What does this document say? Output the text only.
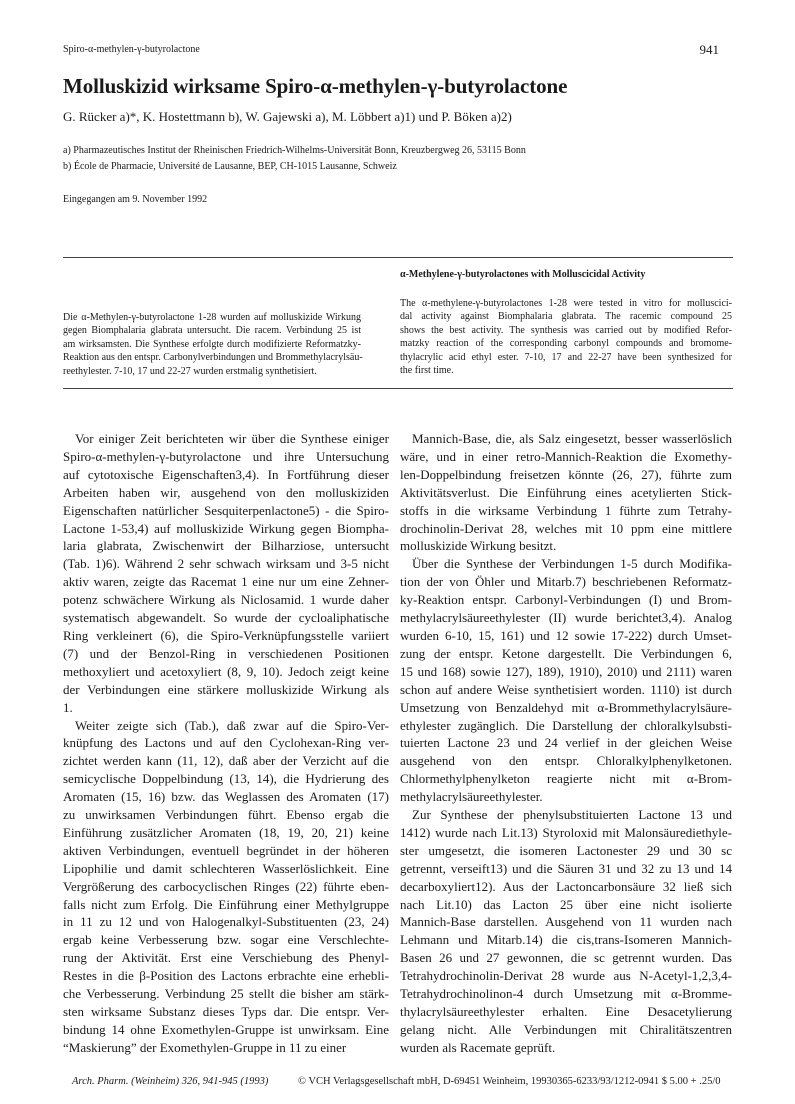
Spiro-α-methylen-γ-butyrolactone	941
Molluskizid wirksame Spiro-α-methylen-γ-butyrolactone
G. Rücker a)*, K. Hostettmann b), W. Gajewski a), M. Löbbert a)1) und P. Böken a)2)
a) Pharmazeutisches Institut der Rheinischen Friedrich-Wilhelms-Universität Bonn, Kreuzbergweg 26, 53115 Bonn
b) École de Pharmacie, Université de Lausanne, BEP, CH-1015 Lausanne, Schweiz
Eingegangen am 9. November 1992
α-Methylene-γ-butyrolactones with Molluscicidal Activity
Die α-Methylen-γ-butyrolactone 1-28 wurden auf molluskizide Wirkung
gegen Biomphalaria glabrata untersucht. Die racem. Verbindung 25 ist
am wirksamsten. Die Synthese erfolgte durch modifizierte Reformatzky-
Reaktion aus den entspr. Carbonylverbindungen und Brommethylacrylsäu-
reethylester. 7-10, 17 und 22-27 wurden erstmalig synthetisiert.
The α-methylene-γ-butyrolactones 1-28 were tested in vitro for molluscici-
dal activity against Biomphalaria glabrata. The racemic compound 25
shows the best activity. The synthesis was carried out by modified Refor-
matzky reaction of the corresponding carbonyl compounds and bromome-
thylacrylic acid ethyl ester. 7-10, 17 and 22-27 have been synthesized for
the first time.
Vor einiger Zeit berichteten wir über die Synthese einiger
Spiro-α-methylen-γ-butyrolactone und ihre Untersuchung
auf cytotoxische Eigenschaften3,4). In Fortführung dieser
Arbeiten haben wir, ausgehend von den molluskiziden
Eigenschaften natürlicher Sesquiterpenlactone5) - die Spiro-
Lactone 1-53,4) auf molluskizide Wirkung gegen Biompha-
laria glabrata, Zwischenwirt der Bilharziose, untersucht
(Tab. 1)6). Während 2 sehr schwach wirksam und 3-5 nicht
aktiv waren, zeigte das Racemat 1 eine nur um eine Zehner-
potenz schwächere Wirkung als Niclosamid. 1 wurde daher
systematisch abgewandelt. So wurde der cycloaliphatische
Ring verkleinert (6), die Spiro-Verknüpfungsstelle variiert
(7) und der Benzol-Ring in verschiedenen Positionen
methoxyliert und acetoxyliert (8, 9, 10). Jedoch zeigt keine
der Verbindungen eine stärkere molluskizide Wirkung als
1.
Weiter zeigte sich (Tab.), daß zwar auf die Spiro-Ver-
knüpfung des Lactons und auf den Cyclohexan-Ring ver-
zichtet werden kann (11, 12), daß aber der Verzicht auf die
semicyclische Doppelbindung (13, 14), die Hydrierung des
Aromaten (15, 16) bzw. das Weglassen des Aromaten (17)
zu unwirksamen Verbindungen führt. Ebenso ergab die
Einführung zusätzlicher Aromaten (18, 19, 20, 21) keine
aktiven Verbindungen, eventuell begründet in der höheren
Lipophilie und damit schlechteren Wasserlöslichkeit. Eine
Vergrößerung des carbocyclischen Ringes (22) führte eben-
falls nicht zum Erfolg. Die Einführung einer Methylgruppe
in 11 zu 12 und von Halogenalkyl-Substituenten (23, 24)
ergab keine Verbesserung bzw. sogar eine Verschlechte-
rung der Aktivität. Erst eine Verschiebung des Phenyl-
Restes in die β-Position des Lactons erbrachte eine erhebli-
che Verbesserung. Verbindung 25 stellt die bisher am stärk-
sten wirksame Substanz dieses Typs dar. Die entspr. Ver-
bindung 14 ohne Exomethylen-Gruppe ist unwirksam. Eine
“Maskierung” der Exomethylen-Gruppe in 11 zu einer
Mannich-Base, die, als Salz eingesetzt, besser wasserlöslich
wäre, und in einer retro-Mannich-Reaktion die Exomethy-
len-Doppelbindung freisetzen könnte (26, 27), führte zum
Aktivitätsverlust. Die Einführung eines acetylierten Stick-
stoffs in die wirksame Verbindung 1 führte zum Tetrahy-
drochinolin-Derivat 28, welches mit 10 ppm eine mittlere
molluskizide Wirkung besitzt.
Über die Synthese der Verbindungen 1-5 durch Modifika-
tion der von Öhler und Mitarb.7) beschriebenen Reformatz-
ky-Reaktion entspr. Carbonyl-Verbindungen (I) und Brom-
methylacrylsäureethylester (II) wurde berichtet3,4). Analog
wurden 6-10, 15, 161) und 12 sowie 17-222) durch Umset-
zung der entspr. Ketone dargestellt. Die Verbindungen 6,
15 und 168) sowie 127), 189), 1910), 2010) und 2111) waren
schon auf andere Weise synthetisiert worden. 1110) ist durch
Umsetzung von Benzaldehyd mit α-Brommethylacrylsäure-
ethylester zugänglich. Die Darstellung der chloralkylsubsti-
tuierten Lactone 23 und 24 verlief in der gleichen Weise
ausgehend von den entspr. Chloralkylphenylketonen.
Chlormethylphenylketon reagierte nicht mit α-Brom-
methylacrylsäureethylester.
Zur Synthese der phenylsubstituierten Lactone 13 und
1412) wurde nach Lit.13) Styroloxid mit Malonsäurediethyle-
ster umgesetzt, die isomeren Lactonester 29 und 30 sc
getrennt, verseift13) und die Säuren 31 und 32 zu 13 und 14
decarboxyliert12). Aus der Lactoncarbonsäure 32 ließ sich
nach Lit.10) das Lacton 25 über eine nicht isolierte
Mannich-Base darstellen. Ausgehend von 11 wurden nach
Lehmann und Mitarb.14) die cis,trans-Isomeren Mannich-
Basen 26 und 27 gewonnen, die sc getrennt wurden. Das
Tetrahydrochinolin-Derivat 28 wurde aus N-Acetyl-1,2,3,4-
Tetrahydrochinolinon-4 durch Umsetzung mit α-Bromme-
thylacrylsäureethylester erhalten. Eine Desacetylierung
gelang nicht. Alle Verbindungen mit Chiralitätszentren
wurden als Racemate geprüft.
Arch. Pharm. (Weinheim) 326, 941-945 (1993)	© VCH Verlagsgesellschaft mbH, D-69451 Weinheim, 19930365-6233/93/1212-0941 $ 5.00 + .25/0
